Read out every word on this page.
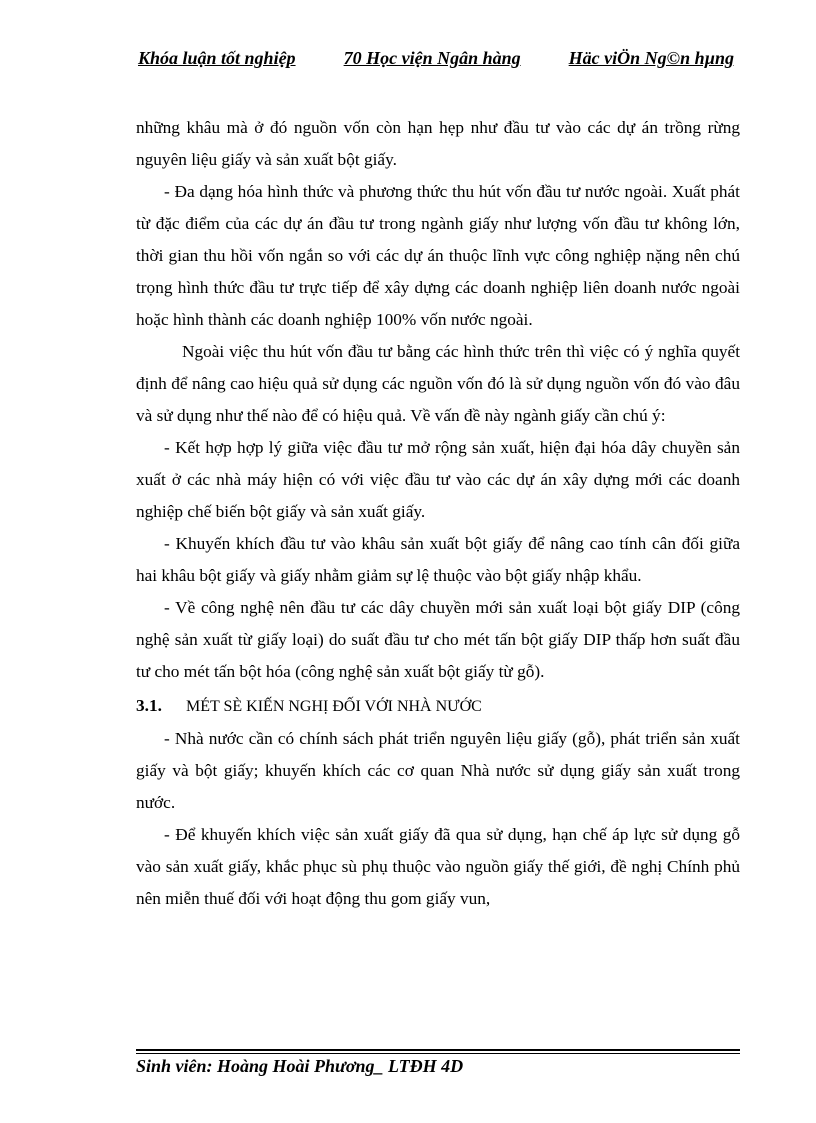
Khóa luận tốt nghiệp	70 Học viện Ngân hàng	Häc viÖn Ng©n hµng

những khâu mà ở đó nguồn vốn còn hạn hẹp như đầu tư vào các dự án trồng rừng nguyên liệu giấy và sản xuất bột giấy.

- Đa dạng hóa hình thức và phương thức thu hút vốn đầu tư nước ngoài. Xuất phát từ đặc điểm của các dự án đầu tư trong ngành giấy như lượng vốn đầu tư không lớn, thời gian thu hồi vốn ngắn so với các dự án thuộc lĩnh vực công nghiệp nặng nên chú trọng hình thức đầu tư trực tiếp để xây dựng các doanh nghiệp liên doanh nước ngoài hoặc hình thành các doanh nghiệp 100% vốn nước ngoài.

Ngoài việc thu hút vốn đầu tư bằng các hình thức trên thì việc có ý nghĩa quyết định để nâng cao hiệu quả sử dụng các nguồn vốn đó là sử dụng nguồn vốn đó vào đâu và sử dụng như thế nào để có hiệu quả. Về vấn đề này ngành giấy cần chú ý:

- Kết hợp hợp lý giữa việc đầu tư mở rộng sản xuất, hiện đại hóa dây chuyền sản xuất ở các nhà máy hiện có với việc đầu tư vào các dự án xây dựng mới các doanh nghiệp chế biến bột giấy và sản xuất giấy.

- Khuyến khích đầu tư vào khâu sản xuất bột giấy để nâng cao tính cân đối giữa hai khâu bột giấy và giấy nhằm giảm sự lệ thuộc vào bột giấy nhập khẩu.

- Về công nghệ nên đầu tư các dây chuyền mới sản xuất loại bột giấy DIP (công nghệ sản xuất từ giấy loại) do suất đầu tư cho mét tấn bột giấy DIP thấp hơn suất đầu tư cho mét tấn bột hóa (công nghệ sản xuất bột giấy từ gỗ).

3.1.	MÉT SÈ KIẾN NGHỊ ĐỐI VỚI NHÀ NƯỚC

- Nhà nước cần có chính sách phát triển nguyên liệu giấy (gỗ), phát triển sản xuất giấy và bột giấy; khuyến khích các cơ quan Nhà nước sử dụng giấy sản xuất trong nước.

- Để khuyến khích việc sản xuất giấy đã qua sử dụng, hạn chế áp lực sử dụng gỗ vào sản xuất giấy, khắc phục sù phụ thuộc vào nguồn giấy thế giới, đề nghị Chính phủ nên miễn thuế đối với hoạt động thu gom giấy vun,

Sinh viên: Hoàng Hoài Phương_ LTĐH 4D
